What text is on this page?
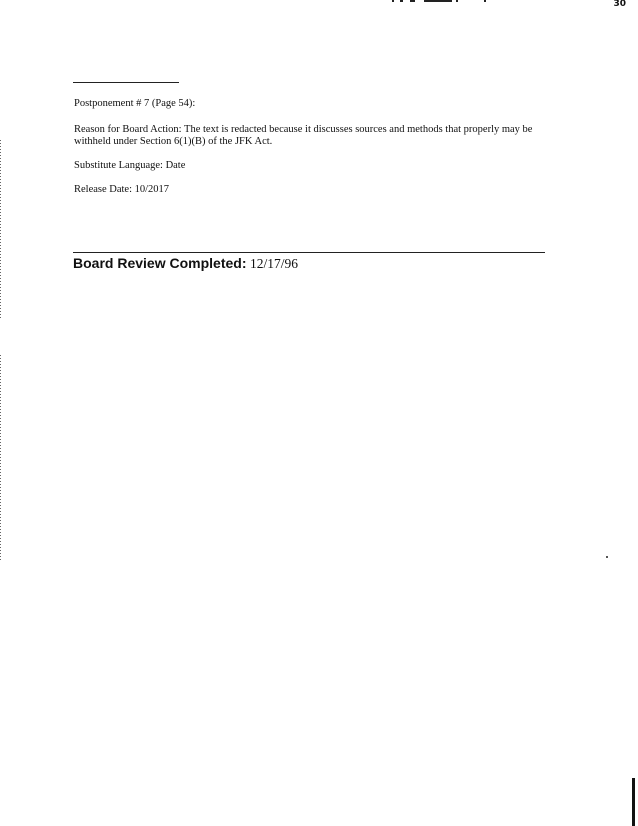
30

Postponement # 7 (Page 54):

Reason for Board Action: The text is redacted because it discusses sources and methods that properly may be withheld under Section 6(1)(B) of the JFK Act.

Substitute Language: Date

Release Date: 10/2017

Board Review Completed: 12/17/96
